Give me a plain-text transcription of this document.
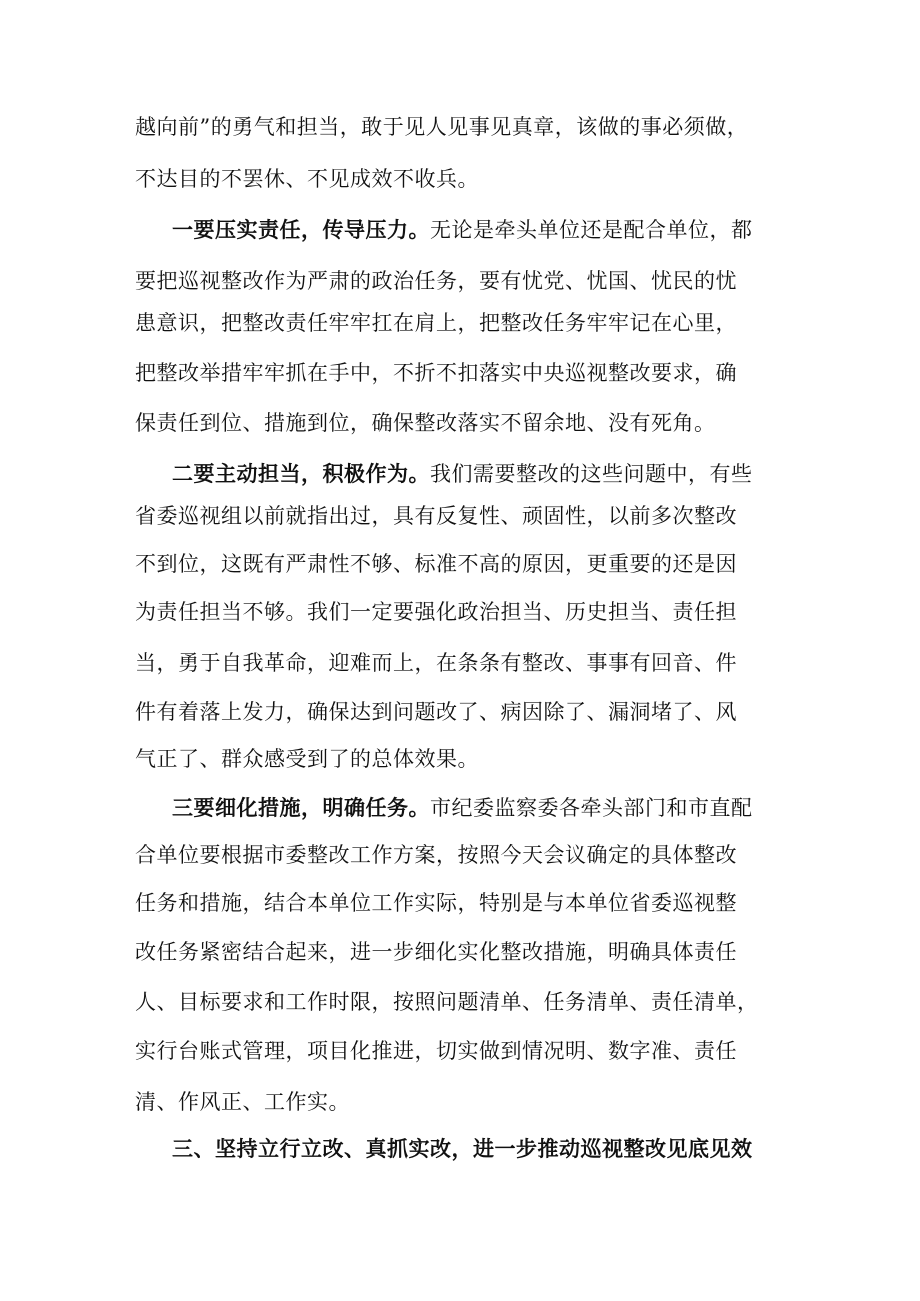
越向前”的勇气和担当，敢于见人见事见真章，该做的事必须做，
不达目的不罢休、不见成效不收兵。
一要压实责任，传导压力。无论是牵头单位还是配合单位，都
要把巡视整改作为严肃的政治任务，要有忧党、忧国、忧民的忧
患意识，把整改责任牢牢扛在肩上，把整改任务牢牢记在心里，
把整改举措牢牢抓在手中，不折不扣落实中央巡视整改要求，确
保责任到位、措施到位，确保整改落实不留余地、没有死角。
二要主动担当，积极作为。我们需要整改的这些问题中，有些
省委巡视组以前就指出过，具有反复性、顽固性，以前多次整改
不到位，这既有严肃性不够、标准不高的原因，更重要的还是因
为责任担当不够。我们一定要强化政治担当、历史担当、责任担
当，勇于自我革命，迎难而上，在条条有整改、事事有回音、件
件有着落上发力，确保达到问题改了、病因除了、漏洞堵了、风
气正了、群众感受到了的总体效果。
三要细化措施，明确任务。市纪委监察委各牵头部门和市直配
合单位要根据市委整改工作方案，按照今天会议确定的具体整改
任务和措施，结合本单位工作实际，特别是与本单位省委巡视整
改任务紧密结合起来，进一步细化实化整改措施，明确具体责任
人、目标要求和工作时限，按照问题清单、任务清单、责任清单，
实行台账式管理，项目化推进，切实做到情况明、数字准、责任
清、作风正、工作实。
三、坚持立行立改、真抓实改，进一步推动巡视整改见底见效
